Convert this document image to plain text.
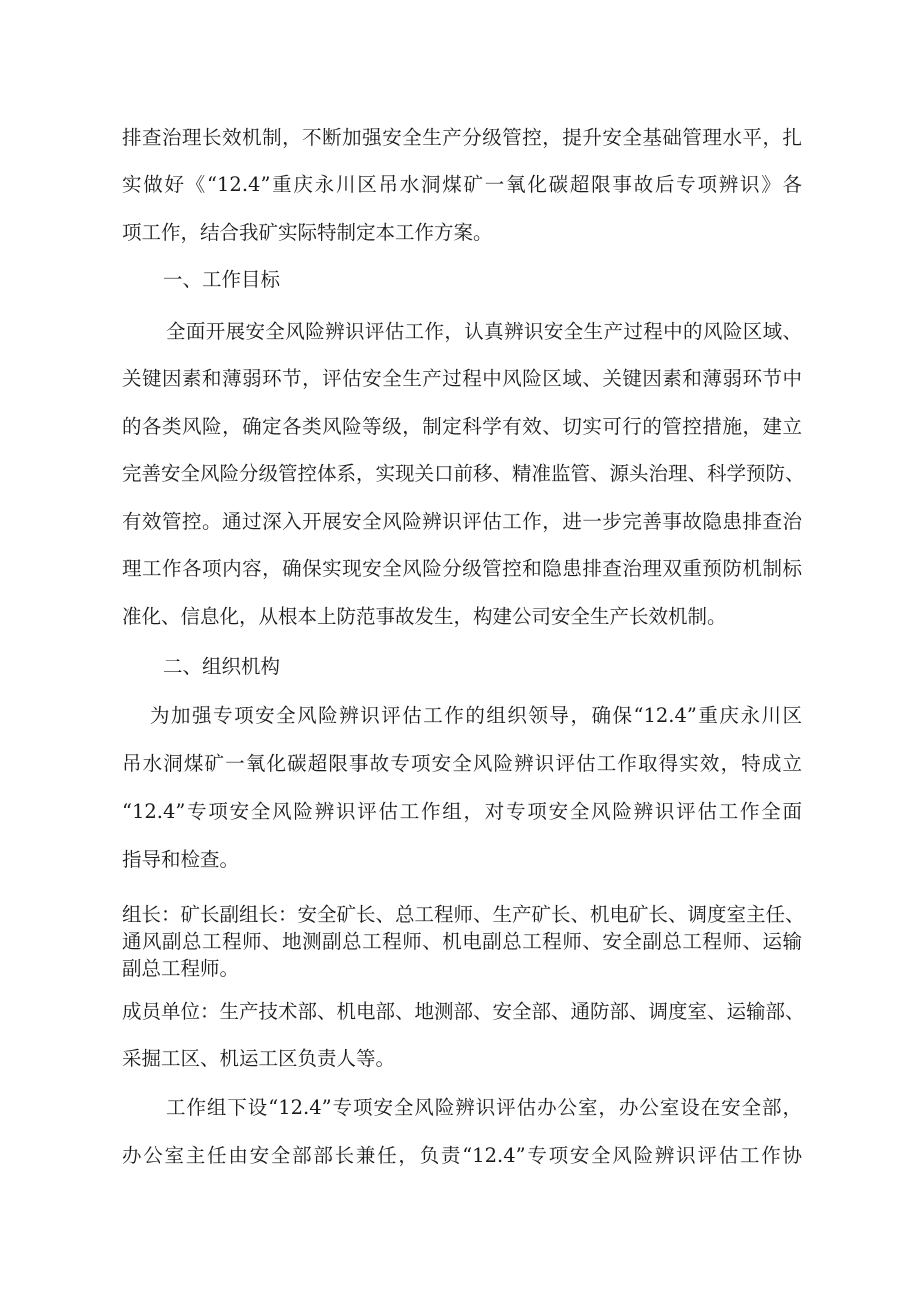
排查治理长效机制，不断加强安全生产分级管控，提升安全基础管理水平，扎
实做好《“12.4”重庆永川区吊水洞煤矿一氧化碳超限事故后专项辨识》各
项工作，结合我矿实际特制定本工作方案。
一、工作目标
全面开展安全风险辨识评估工作，认真辨识安全生产过程中的风险区域、
关键因素和薄弱环节，评估安全生产过程中风险区域、关键因素和薄弱环节中
的各类风险，确定各类风险等级，制定科学有效、切实可行的管控措施，建立
完善安全风险分级管控体系，实现关口前移、精准监管、源头治理、科学预防、
有效管控。通过深入开展安全风险辨识评估工作，进一步完善事故隐患排查治
理工作各项内容，确保实现安全风险分级管控和隐患排查治理双重预防机制标
准化、信息化，从根本上防范事故发生，构建公司安全生产长效机制。
二、组织机构
为加强专项安全风险辨识评估工作的组织领导，确保“12.4”重庆永川区
吊水洞煤矿一氧化碳超限事故专项安全风险辨识评估工作取得实效，特成立
“12.4”专项安全风险辨识评估工作组，对专项安全风险辨识评估工作全面
指导和检查。
组长：矿长副组长：安全矿长、总工程师、生产矿长、机电矿长、调度室主任、
通风副总工程师、地测副总工程师、机电副总工程师、安全副总工程师、运输
副总工程师。
成员单位：生产技术部、机电部、地测部、安全部、通防部、调度室、运输部、
采掘工区、机运工区负责人等。
工作组下设“12.4”专项安全风险辨识评估办公室，办公室设在安全部，
办公室主任由安全部部长兼任，负责“12.4”专项安全风险辨识评估工作协
